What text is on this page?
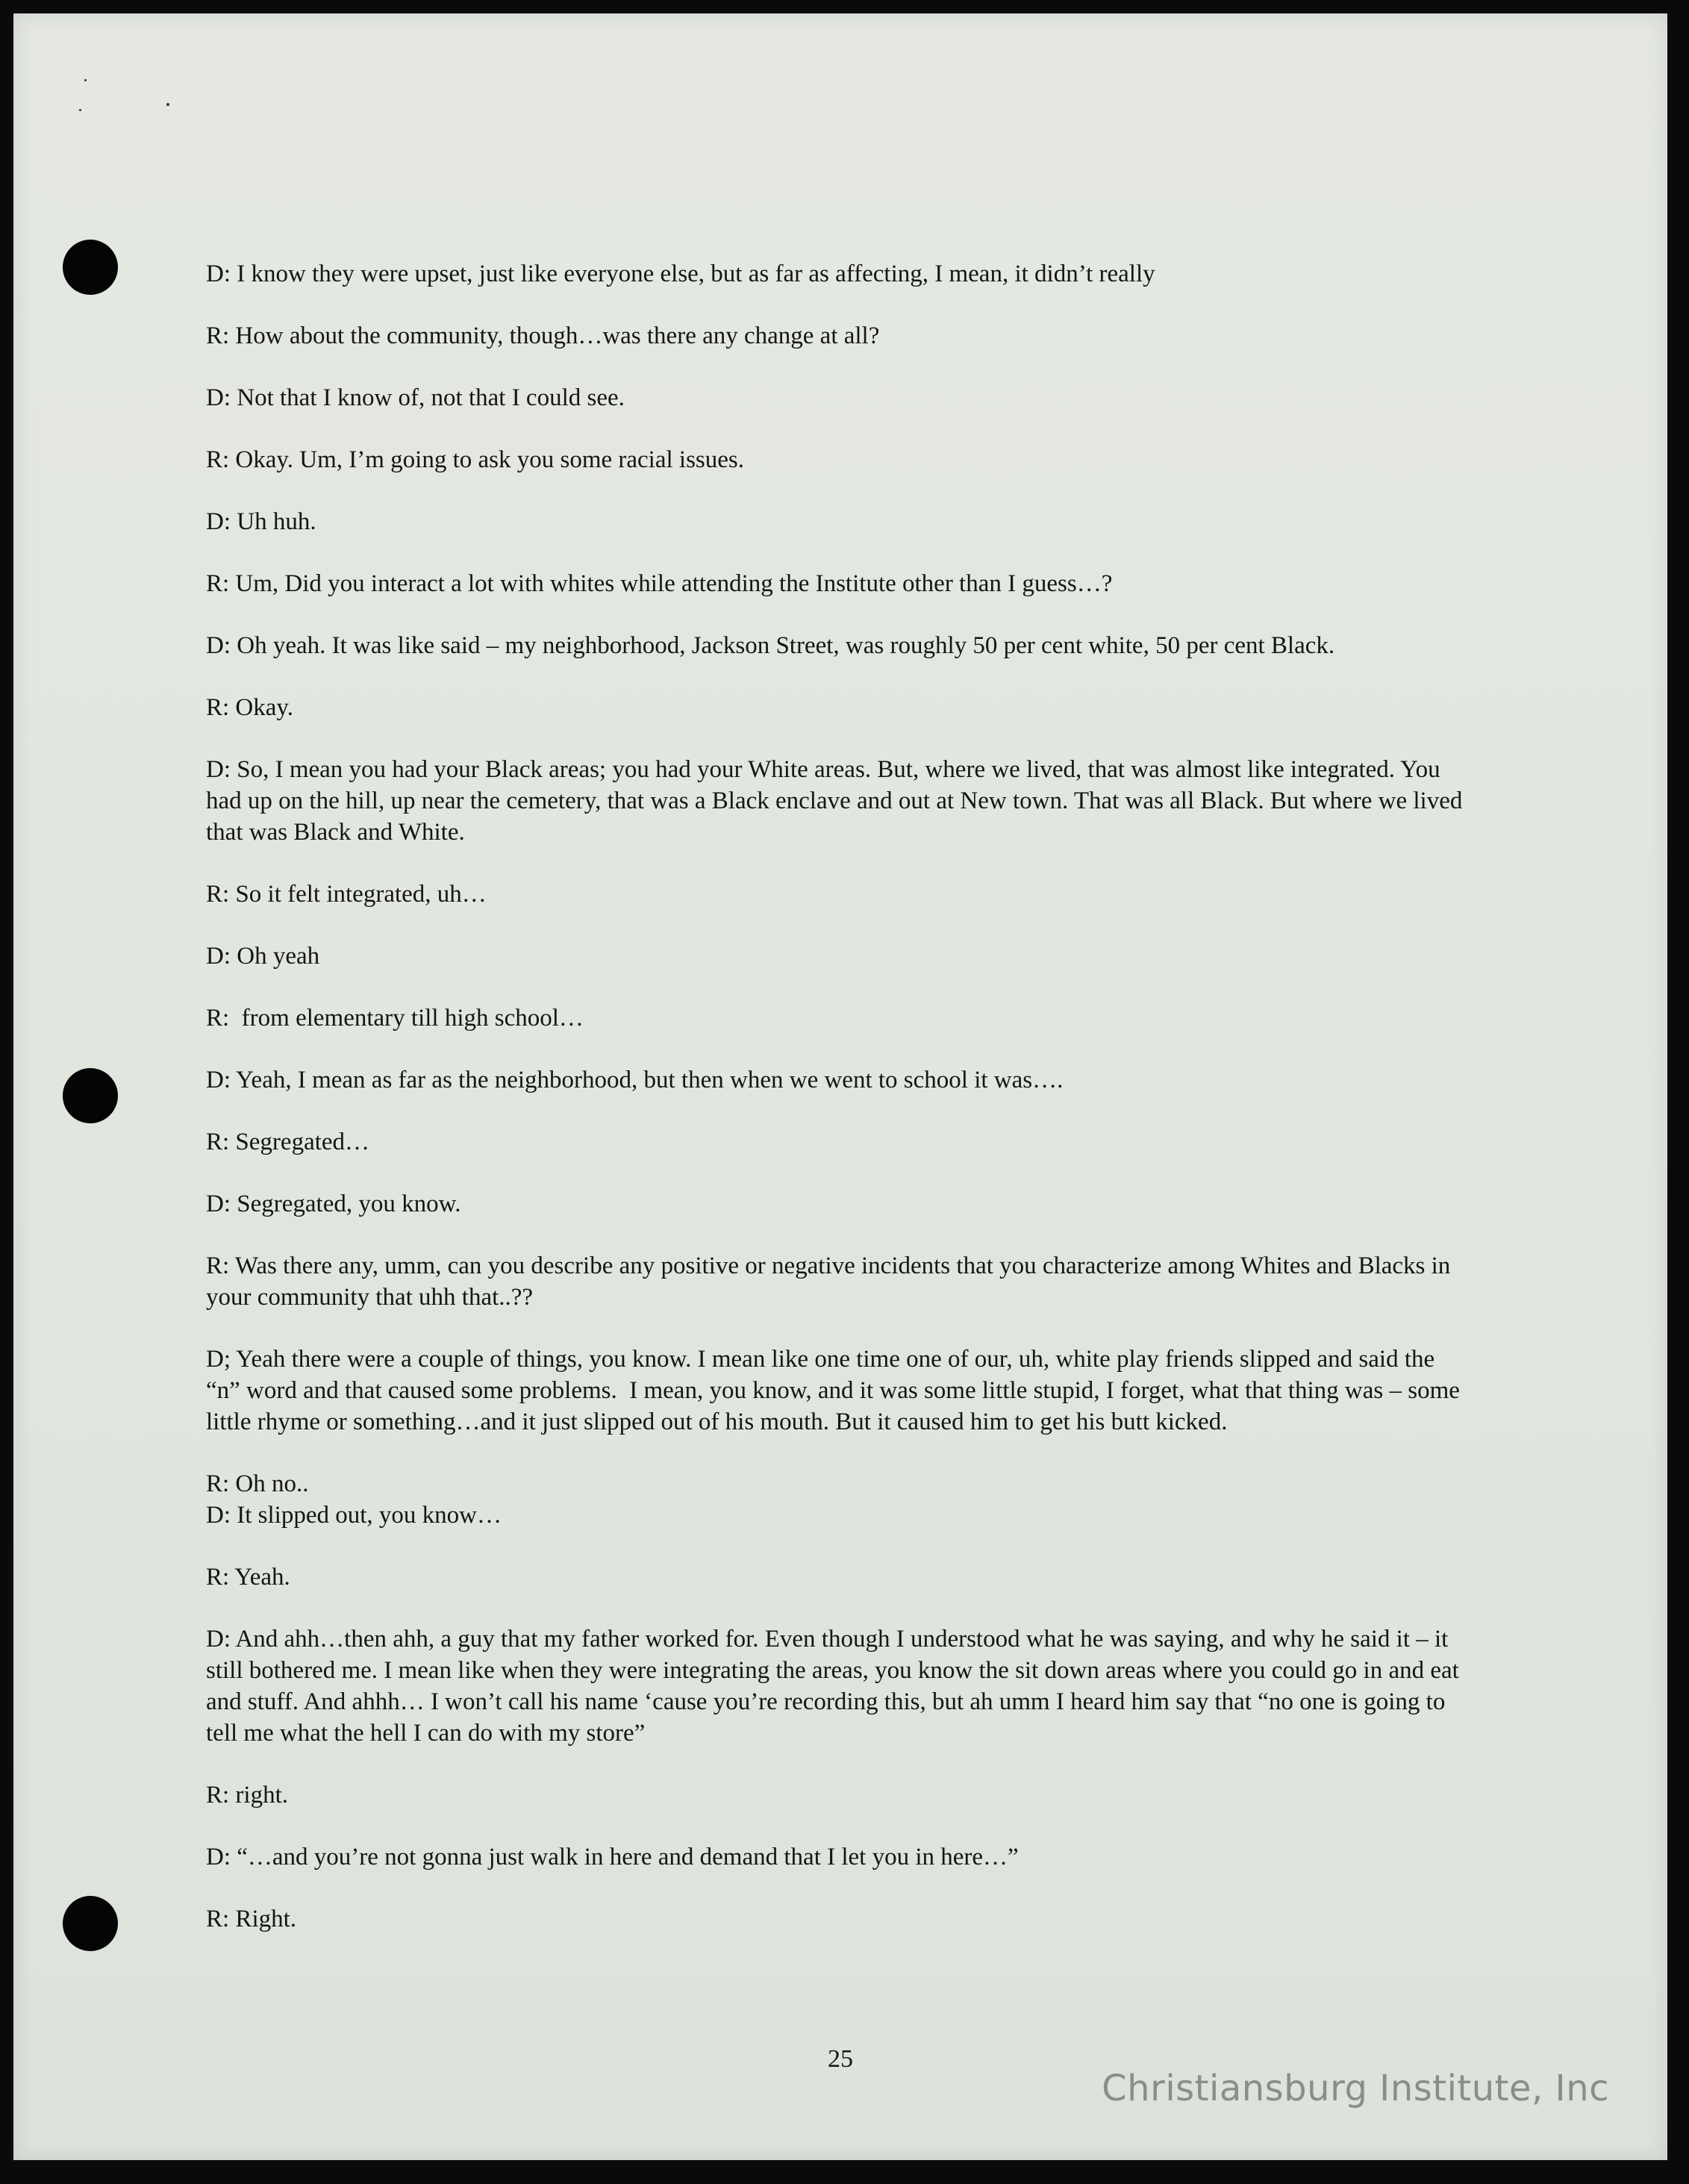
D: I know they were upset, just like everyone else, but as far as affecting, I mean, it didn’t really

R: How about the community, though…was there any change at all?

D: Not that I know of, not that I could see.

R: Okay. Um, I’m going to ask you some racial issues.

D: Uh huh.

R: Um, Did you interact a lot with whites while attending the Institute other than I guess…?

D: Oh yeah. It was like said – my neighborhood, Jackson Street, was roughly 50 per cent white, 50 per cent Black.

R: Okay.

D: So, I mean you had your Black areas; you had your White areas. But, where we lived, that was almost like integrated. You had up on the hill, up near the cemetery, that was a Black enclave and out at New town. That was all Black. But where we lived that was Black and White.

R: So it felt integrated, uh…

D: Oh yeah

R:  from elementary till high school…

D: Yeah, I mean as far as the neighborhood, but then when we went to school it was….

R: Segregated…

D: Segregated, you know.

R: Was there any, umm, can you describe any positive or negative incidents that you characterize among Whites and Blacks in your community that uhh that..??

D; Yeah there were a couple of things, you know. I mean like one time one of our, uh, white play friends slipped and said the “n” word and that caused some problems.  I mean, you know, and it was some little stupid, I forget, what that thing was – some little rhyme or something…and it just slipped out of his mouth. But it caused him to get his butt kicked.

R: Oh no..

D: It slipped out, you know…

R: Yeah.

D: And ahh…then ahh, a guy that my father worked for. Even though I understood what he was saying, and why he said it – it still bothered me. I mean like when they were integrating the areas, you know the sit down areas where you could go in and eat and stuff. And ahhh… I won’t call his name ‘cause you’re recording this, but ah umm I heard him say that “no one is going to tell me what the hell I can do with my store”

R: right.

D: “…and you’re not gonna just walk in here and demand that I let you in here…”

R: Right.

25
Christiansburg Institute, Inc
